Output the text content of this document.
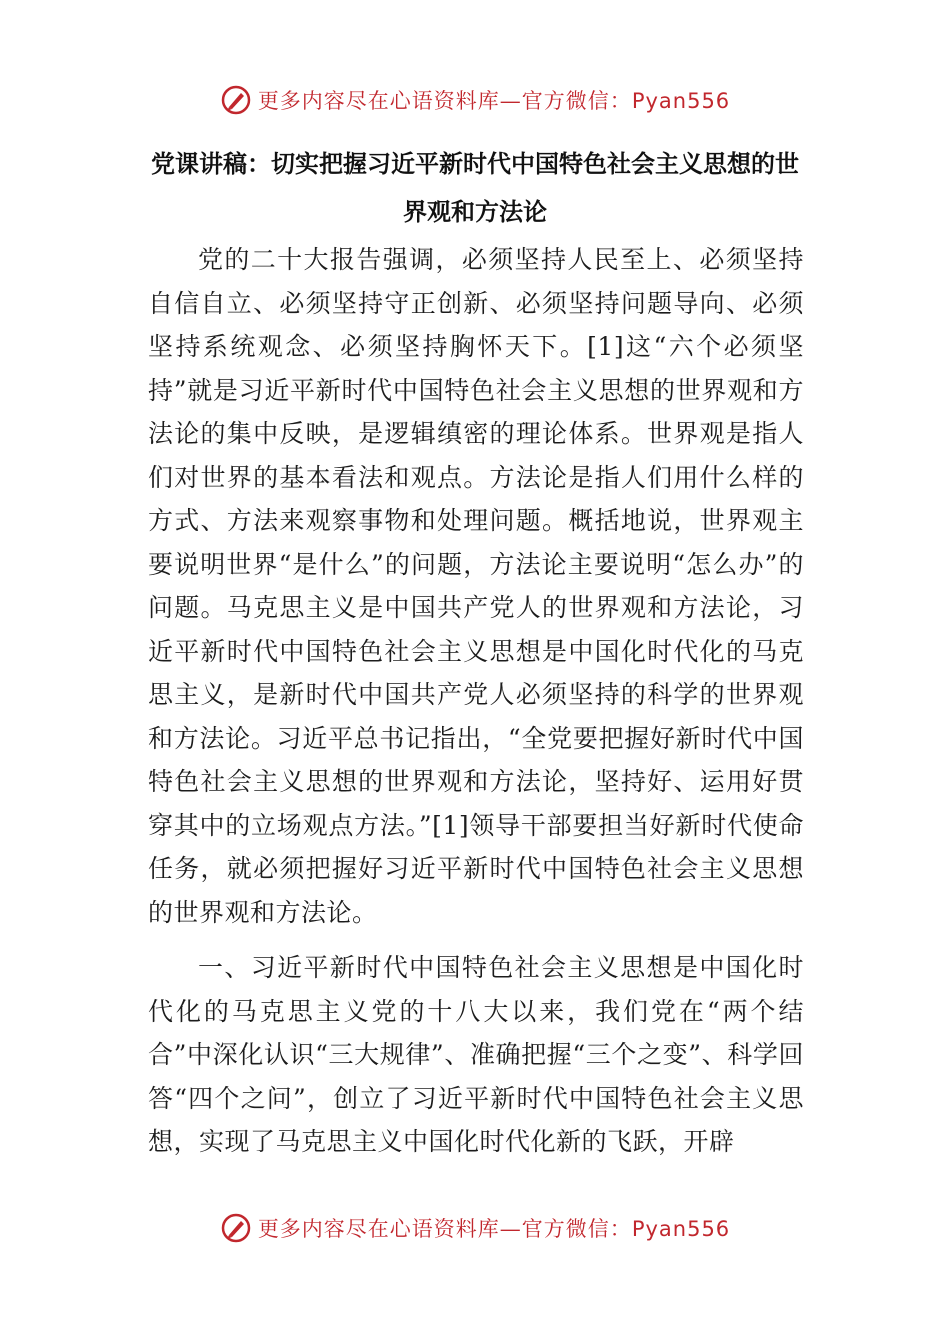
更多内容尽在心语资料库—官方微信：Pyan556
党课讲稿：切实把握习近平新时代中国特色社会主义思想的世界观和方法论

党的二十大报告强调，必须坚持人民至上、必须坚持自信自立、必须坚持守正创新、必须坚持问题导向、必须坚持系统观念、必须坚持胸怀天下。[1]这“六个必须坚持”就是习近平新时代中国特色社会主义思想的世界观和方法论的集中反映，是逻辑缜密的理论体系。世界观是指人们对世界的基本看法和观点。方法论是指人们用什么样的方式、方法来观察事物和处理问题。概括地说，世界观主要说明世界“是什么”的问题，方法论主要说明“怎么办”的问题。马克思主义是中国共产党人的世界观和方法论，习近平新时代中国特色社会主义思想是中国化时代化的马克思主义，是新时代中国共产党人必须坚持的科学的世界观和方法论。习近平总书记指出，“全党要把握好新时代中国特色社会主义思想的世界观和方法论，坚持好、运用好贯穿其中的立场观点方法。”[1]领导干部要担当好新时代使命任务，就必须把握好习近平新时代中国特色社会主义思想的世界观和方法论。

一、习近平新时代中国特色社会主义思想是中国化时代化的马克思主义党的十八大以来，我们党在“两个结合”中深化认识“三大规律”、准确把握“三个之变”、科学回答“四个之问”，创立了习近平新时代中国特色社会主义思想，实现了马克思主义中国化时代化新的飞跃，开辟

更多内容尽在心语资料库—官方微信：Pyan556
